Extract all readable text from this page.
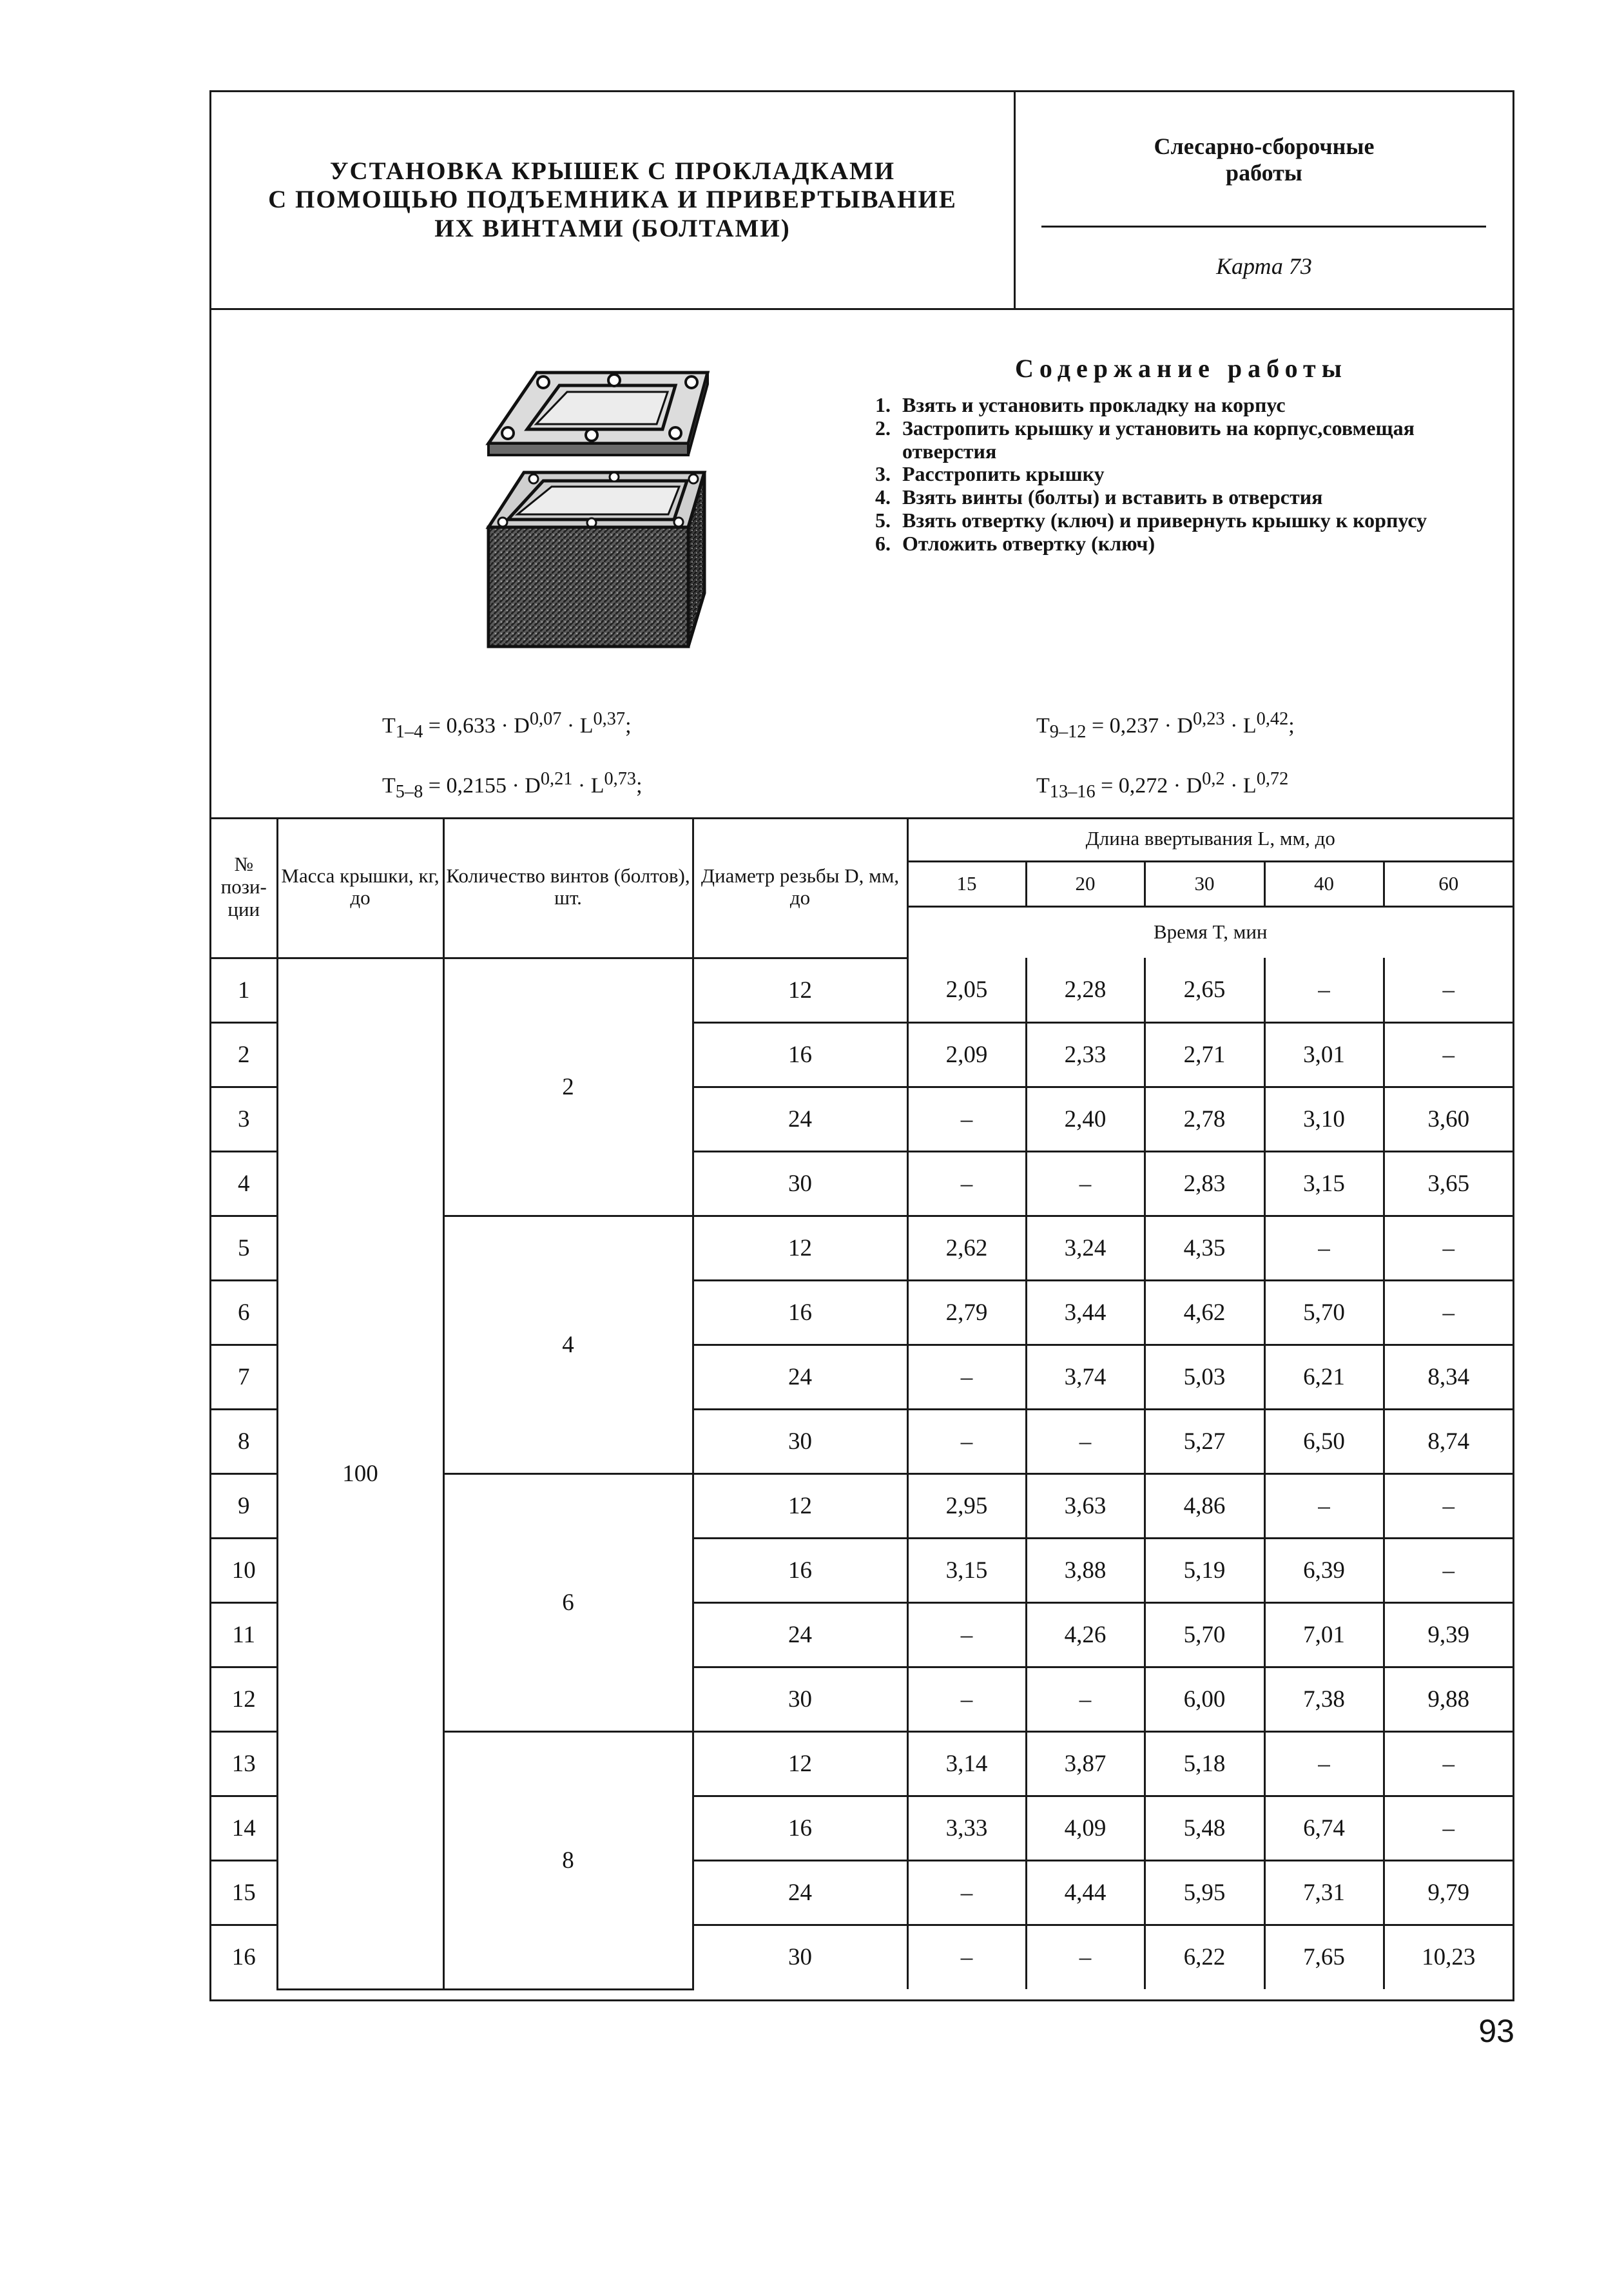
УСТАНОВКА КРЫШЕК С ПРОКЛАДКАМИ
С ПОМОЩЬЮ ПОДЪЕМНИКА И ПРИВЕРТЫВАНИЕ
ИХ ВИНТАМИ (БОЛТАМИ)
Слесарно-сборочные
работы
Карта 73
Содержание работы
1. Взять и установить прокладку на корпус
2. Застропить крышку и установить на корпус,совмещая отверстия
3. Расстропить крышку
4. Взять винты (болты) и вставить в отверстия
5. Взять отвертку (ключ) и привернуть крышку к корпусу
6. Отложить отвертку (ключ)
$T_{1-4} = 0,633 \cdot D^{0,07} \cdot L^{0,37}$;
$T_{5-8} = 0,2155 \cdot D^{0,21} \cdot L^{0,73}$;
$T_{9-12} = 0,237 \cdot D^{0,23} \cdot L^{0,42}$;
$T_{13-16} = 0,272 \cdot D^{0,2} \cdot L^{0,72}$
№ пози-ции	Масса крышки, кг, до	Количество винтов (болтов), шт.	Диаметр резьбы D, мм, до	Длина ввертывания L, мм, до				
				15	20	30	40	60
				Время T, мин				
1	100	2	12	2,05	2,28	2,65	–	–
2			16	2,09	2,33	2,71	3,01	–
3			24	–	2,40	2,78	3,10	3,60
4			30	–	–	2,83	3,15	3,65
5		4	12	2,62	3,24	4,35	–	–
6			16	2,79	3,44	4,62	5,70	–
7			24	–	3,74	5,03	6,21	8,34
8			30	–	–	5,27	6,50	8,74
9		6	12	2,95	3,63	4,86	–	–
10			16	3,15	3,88	5,19	6,39	–
11			24	–	4,26	5,70	7,01	9,39
12			30	–	–	6,00	7,38	9,88
13		8	12	3,14	3,87	5,18	–	–
14			16	3,33	4,09	5,48	6,74	–
15			24	–	4,44	5,95	7,31	9,79
16			30	–	–	6,22	7,65	10,23
93
